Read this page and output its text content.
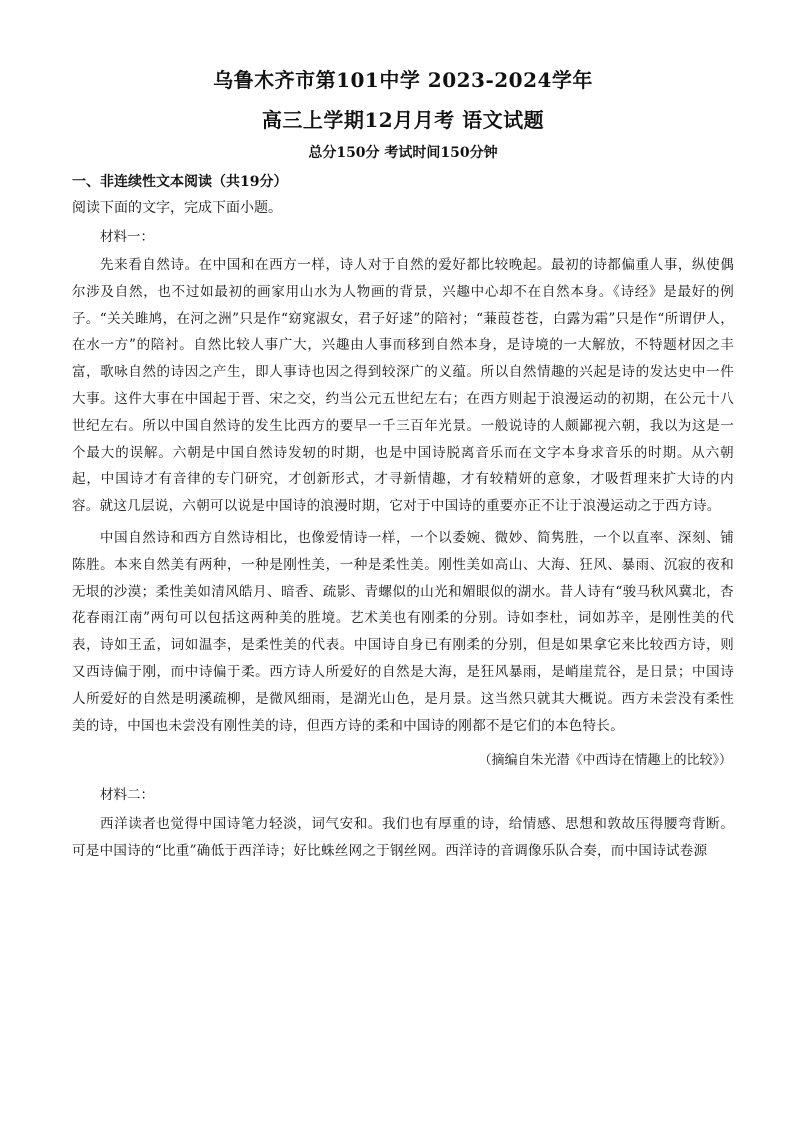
乌鲁木齐市第101中学 2023-2024学年
高三上学期12月月考 语文试题
总分150分 考试时间150分钟
一、非连续性文本阅读（共19分）
阅读下面的文字，完成下面小题。
材料一：
先来看自然诗。在中国和在西方一样，诗人对于自然的爱好都比较晚起。最初的诗都偏重人事，纵使偶尔涉及自然，也不过如最初的画家用山水为人物画的背景，兴趣中心却不在自然本身。《诗经》是最好的例子。“关关雎鸠，在河之洲”只是作“窈窕淑女，君子好逑”的陪衬；“蒹葭苍苍，白露为霜”只是作“所谓伊人，在水一方”的陪衬。自然比较人事广大，兴趣由人事而移到自然本身，是诗境的一大解放，不特题材因之丰富，歌咏自然的诗因之产生，即人事诗也因之得到较深广的义蕴。所以自然情趣的兴起是诗的发达史中一件大事。这件大事在中国起于晋、宋之交，约当公元五世纪左右；在西方则起于浪漫运动的初期，在公元十八世纪左右。所以中国自然诗的发生比西方的要早一千三百年光景。一般说诗的人颇鄙视六朝，我以为这是一个最大的误解。六朝是中国自然诗发轫的时期，也是中国诗脱离音乐而在文字本身求音乐的时期。从六朝起，中国诗才有音律的专门研究，才创新形式，才寻新情趣，才有较精妍的意象，才吸哲理来扩大诗的内容。就这几层说，六朝可以说是中国诗的浪漫时期，它对于中国诗的重要亦正不让于浪漫运动之于西方诗。
中国自然诗和西方自然诗相比，也像爱情诗一样，一个以委婉、微妙、简隽胜，一个以直率、深刻、铺陈胜。本来自然美有两种，一种是刚性美，一种是柔性美。刚性美如高山、大海、狂风、暴雨、沉寂的夜和无垠的沙漠；柔性美如清风皓月、暗香、疏影、青螺似的山光和媚眼似的湖水。昔人诗有“骏马秋风冀北，杏花春雨江南”两句可以包括这两种美的胜境。艺术美也有刚柔的分别。诗如李杜，词如苏辛，是刚性美的代表，诗如王孟，词如温李，是柔性美的代表。中国诗自身已有刚柔的分别，但是如果拿它来比较西方诗，则又西诗偏于刚，而中诗偏于柔。西方诗人所爱好的自然是大海，是狂风暴雨，是峭崖荒谷，是日景；中国诗人所爱好的自然是明溪疏柳，是微风细雨，是湖光山色，是月景。这当然只就其大概说。西方未尝没有柔性美的诗，中国也未尝没有刚性美的诗，但西方诗的柔和中国诗的刚都不是它们的本色特长。
（摘编自朱光潜《中西诗在情趣上的比较》）
材料二：
西洋读者也觉得中国诗笔力轻淡，词气安和。我们也有厚重的诗，给情感、思想和敦故压得腰弯背断。可是中国诗的“比重”确低于西洋诗；好比蛛丝网之于钢丝网。西洋诗的音调像乐队合奏，而中国诗试卷源
